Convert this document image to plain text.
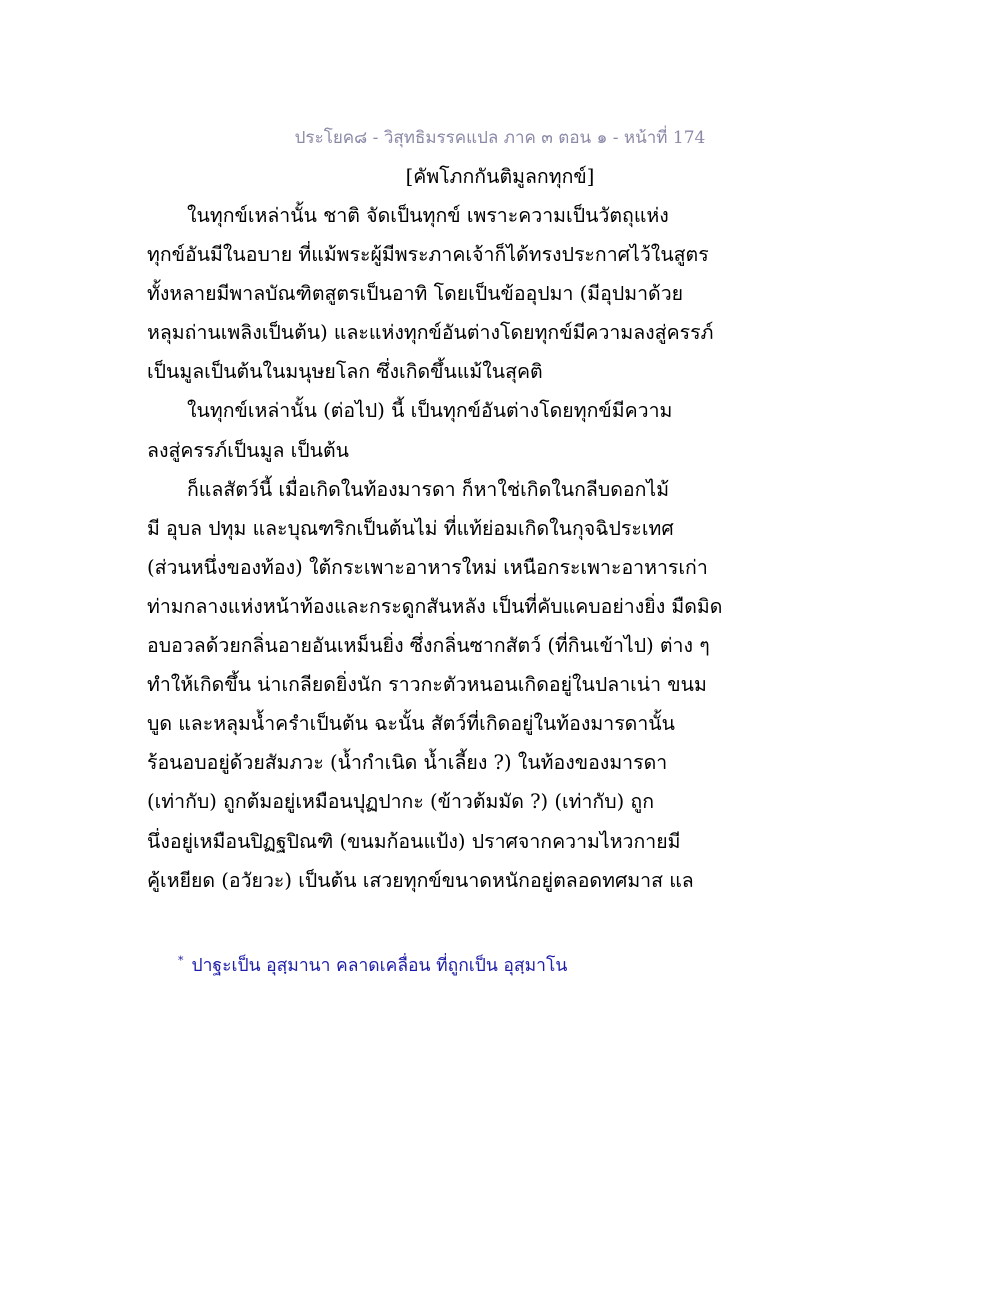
ประโยค๘ - วิสุทธิมรรคแปล ภาค ๓ ตอน ๑ - หน้าที่ 174
[คัพโภกกันติมูลกทุกข์]
ในทุกข์เหล่านั้น ชาติ จัดเป็นทุกข์ เพราะความเป็นวัตถุแห่ง
ทุกข์อันมีในอบาย ที่แม้พระผู้มีพระภาคเจ้าก็ได้ทรงประกาศไว้ในสูตร
ทั้งหลายมีพาลบัณฑิตสูตรเป็นอาทิ โดยเป็นข้ออุปมา (มีอุปมาด้วย
หลุมถ่านเพลิงเป็นต้น) และแห่งทุกข์อันต่างโดยทุกข์มีความลงสู่ครรภ์
เป็นมูลเป็นต้นในมนุษยโลก ซึ่งเกิดขึ้นแม้ในสุคติ
ในทุกข์เหล่านั้น (ต่อไป) นี้ เป็นทุกข์อันต่างโดยทุกข์มีความ
ลงสู่ครรภ์เป็นมูล เป็นต้น
ก็แลสัตว์นี้ เมื่อเกิดในท้องมารดา ก็หาใช่เกิดในกลีบดอกไม้
มี อุบล ปทุม และบุณฑริกเป็นต้นไม่ ที่แท้ย่อมเกิดในกุจฉิประเทศ
(ส่วนหนึ่งของท้อง) ใต้กระเพาะอาหารใหม่ เหนือกระเพาะอาหารเก่า
ท่ามกลางแห่งหน้าท้องและกระดูกสันหลัง เป็นที่คับแคบอย่างยิ่ง มืดมิด
อบอวลด้วยกลิ่นอายอันเหม็นยิ่ง ซึ่งกลิ่นซากสัตว์ (ที่กินเข้าไป) ต่าง ๆ
ทำให้เกิดขึ้น น่าเกลียดยิ่งนัก ราวกะตัวหนอนเกิดอยู่ในปลาเน่า ขนม
บูด และหลุมน้ำครำเป็นต้น ฉะนั้น สัตว์ที่เกิดอยู่ในท้องมารดานั้น
ร้อนอบอยู่ด้วยสัมภวะ (น้ำกำเนิด น้ำเลี้ยง ?) ในท้องของมารดา
(เท่ากับ) ถูกต้มอยู่เหมือนปุฏปากะ (ข้าวต้มมัด ?) (เท่ากับ) ถูก
นึ่งอยู่เหมือนปิฏฐปิณฑิ (ขนมก้อนแป้ง) ปราศจากความไหวกายมี
คู้เหยียด (อวัยวะ) เป็นต้น เสวยทุกข์ขนาดหนักอยู่ตลอดทศมาส แล
* ปาฐะเป็น อุสฺมานา คลาดเคลื่อน ที่ถูกเป็น อุสฺมาโน
